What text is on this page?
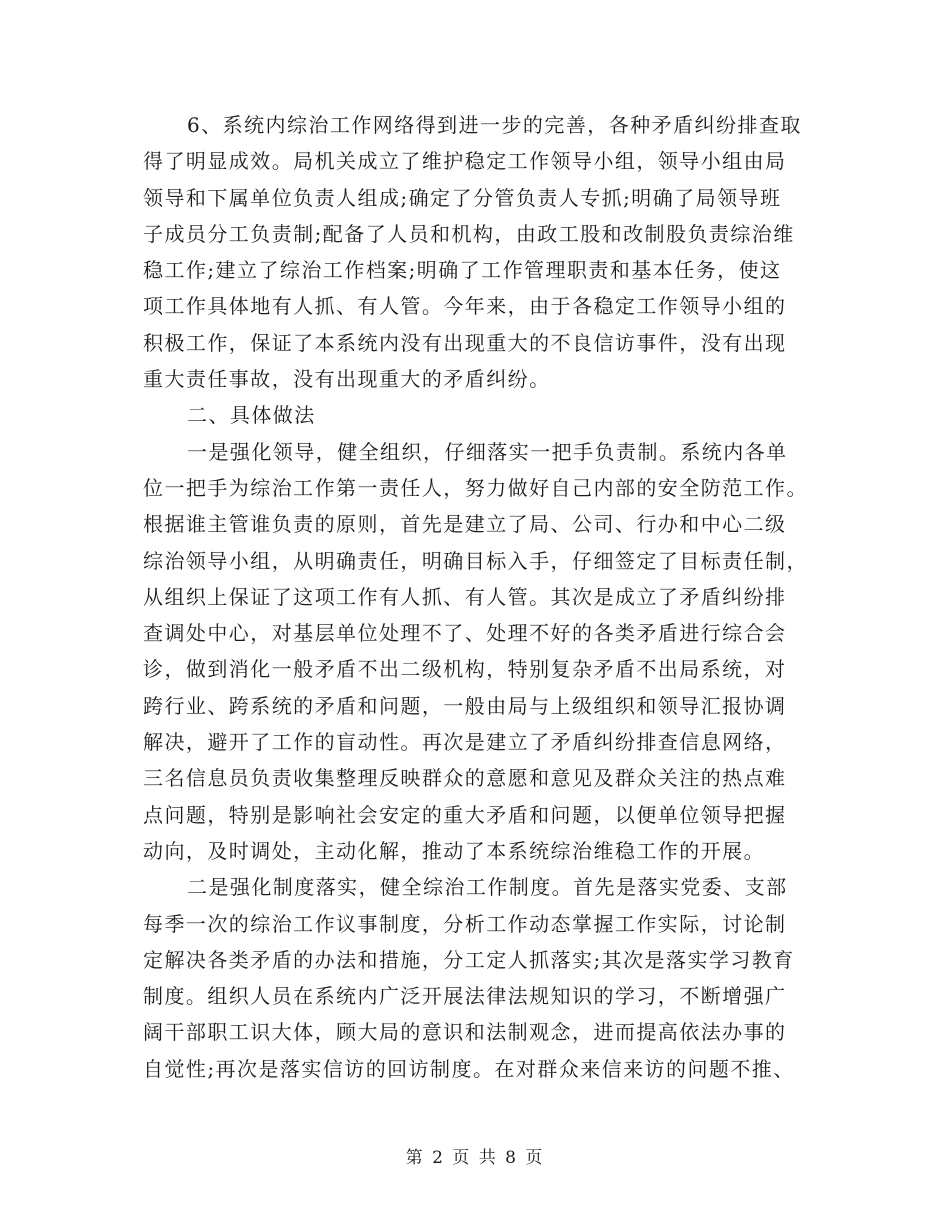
6、系统内综治工作网络得到进一步的完善，各种矛盾纠纷排查取
得了明显成效。局机关成立了维护稳定工作领导小组，领导小组由局
领导和下属单位负责人组成;确定了分管负责人专抓;明确了局领导班
子成员分工负责制;配备了人员和机构，由政工股和改制股负责综治维
稳工作;建立了综治工作档案;明确了工作管理职责和基本任务，使这
项工作具体地有人抓、有人管。今年来，由于各稳定工作领导小组的
积极工作，保证了本系统内没有出现重大的不良信访事件，没有出现
重大责任事故，没有出现重大的矛盾纠纷。
二、具体做法
一是强化领导，健全组织，仔细落实一把手负责制。系统内各单
位一把手为综治工作第一责任人，努力做好自己内部的安全防范工作。
根据谁主管谁负责的原则，首先是建立了局、公司、行办和中心二级
综治领导小组，从明确责任，明确目标入手，仔细签定了目标责任制，
从组织上保证了这项工作有人抓、有人管。其次是成立了矛盾纠纷排
查调处中心，对基层单位处理不了、处理不好的各类矛盾进行综合会
诊，做到消化一般矛盾不出二级机构，特别复杂矛盾不出局系统，对
跨行业、跨系统的矛盾和问题，一般由局与上级组织和领导汇报协调
解决，避开了工作的盲动性。再次是建立了矛盾纠纷排查信息网络，
三名信息员负责收集整理反映群众的意愿和意见及群众关注的热点难
点问题，特别是影响社会安定的重大矛盾和问题，以便单位领导把握
动向，及时调处，主动化解，推动了本系统综治维稳工作的开展。
二是强化制度落实，健全综治工作制度。首先是落实党委、支部
每季一次的综治工作议事制度，分析工作动态掌握工作实际，讨论制
定解决各类矛盾的办法和措施，分工定人抓落实;其次是落实学习教育
制度。组织人员在系统内广泛开展法律法规知识的学习，不断增强广
阔干部职工识大体，顾大局的意识和法制观念，进而提高依法办事的
自觉性;再次是落实信访的回访制度。在对群众来信来访的问题不推、
第 2 页 共 8 页
